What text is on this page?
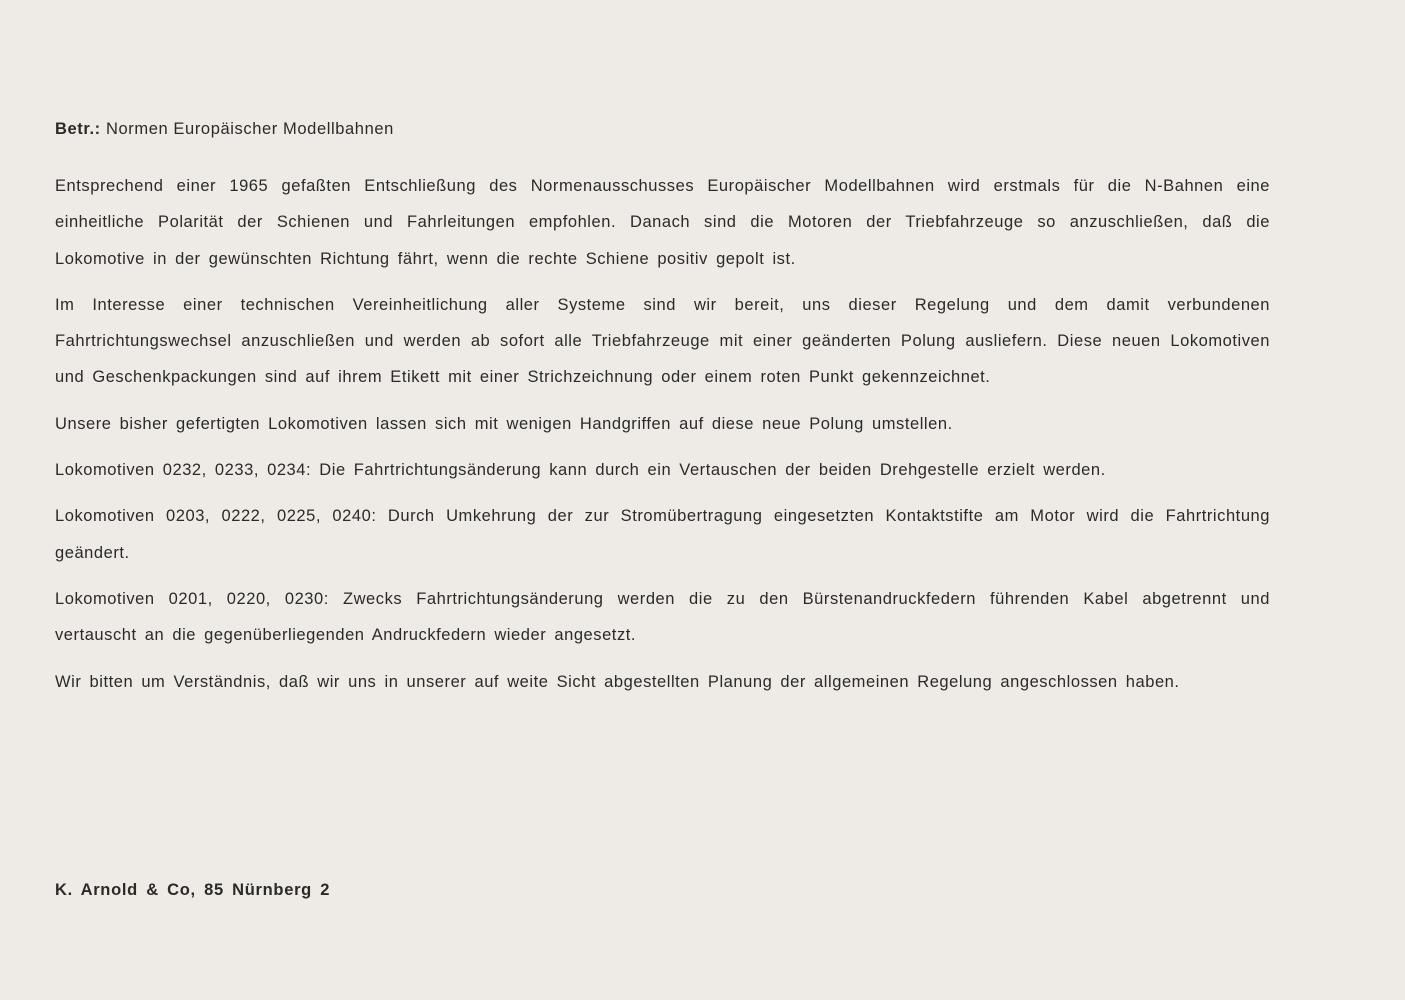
Betr.: Normen Europäischer Modellbahnen

Entsprechend einer 1965 gefaßten Entschließung des Normenausschusses Europäischer Modellbahnen wird erstmals für die N-Bahnen eine einheitliche Polarität der Schienen und Fahrleitungen empfohlen. Danach sind die Motoren der Triebfahrzeuge so anzuschließen, daß die Lokomotive in der gewünschten Richtung fährt, wenn die rechte Schiene positiv gepolt ist.

Im Interesse einer technischen Vereinheitlichung aller Systeme sind wir bereit, uns dieser Regelung und dem damit verbundenen Fahrtrichtungswechsel anzuschließen und werden ab sofort alle Triebfahrzeuge mit einer geänderten Polung ausliefern. Diese neuen Lokomotiven und Geschenkpackungen sind auf ihrem Etikett mit einer Strichzeichnung oder einem roten Punkt gekennzeichnet.

Unsere bisher gefertigten Lokomotiven lassen sich mit wenigen Handgriffen auf diese neue Polung umstellen.

Lokomotiven 0232, 0233, 0234: Die Fahrtrichtungsänderung kann durch ein Vertauschen der beiden Drehgestelle erzielt werden.

Lokomotiven 0203, 0222, 0225, 0240: Durch Umkehrung der zur Stromübertragung eingesetzten Kontaktstifte am Motor wird die Fahrtrichtung geändert.

Lokomotiven 0201, 0220, 0230: Zwecks Fahrtrichtungsänderung werden die zu den Bürstenandruckfedern führenden Kabel abgetrennt und vertauscht an die gegenüberliegenden Andruckfedern wieder angesetzt.

Wir bitten um Verständnis, daß wir uns in unserer auf weite Sicht abgestellten Planung der allgemeinen Regelung angeschlossen haben.

K. Arnold & Co, 85 Nürnberg 2
